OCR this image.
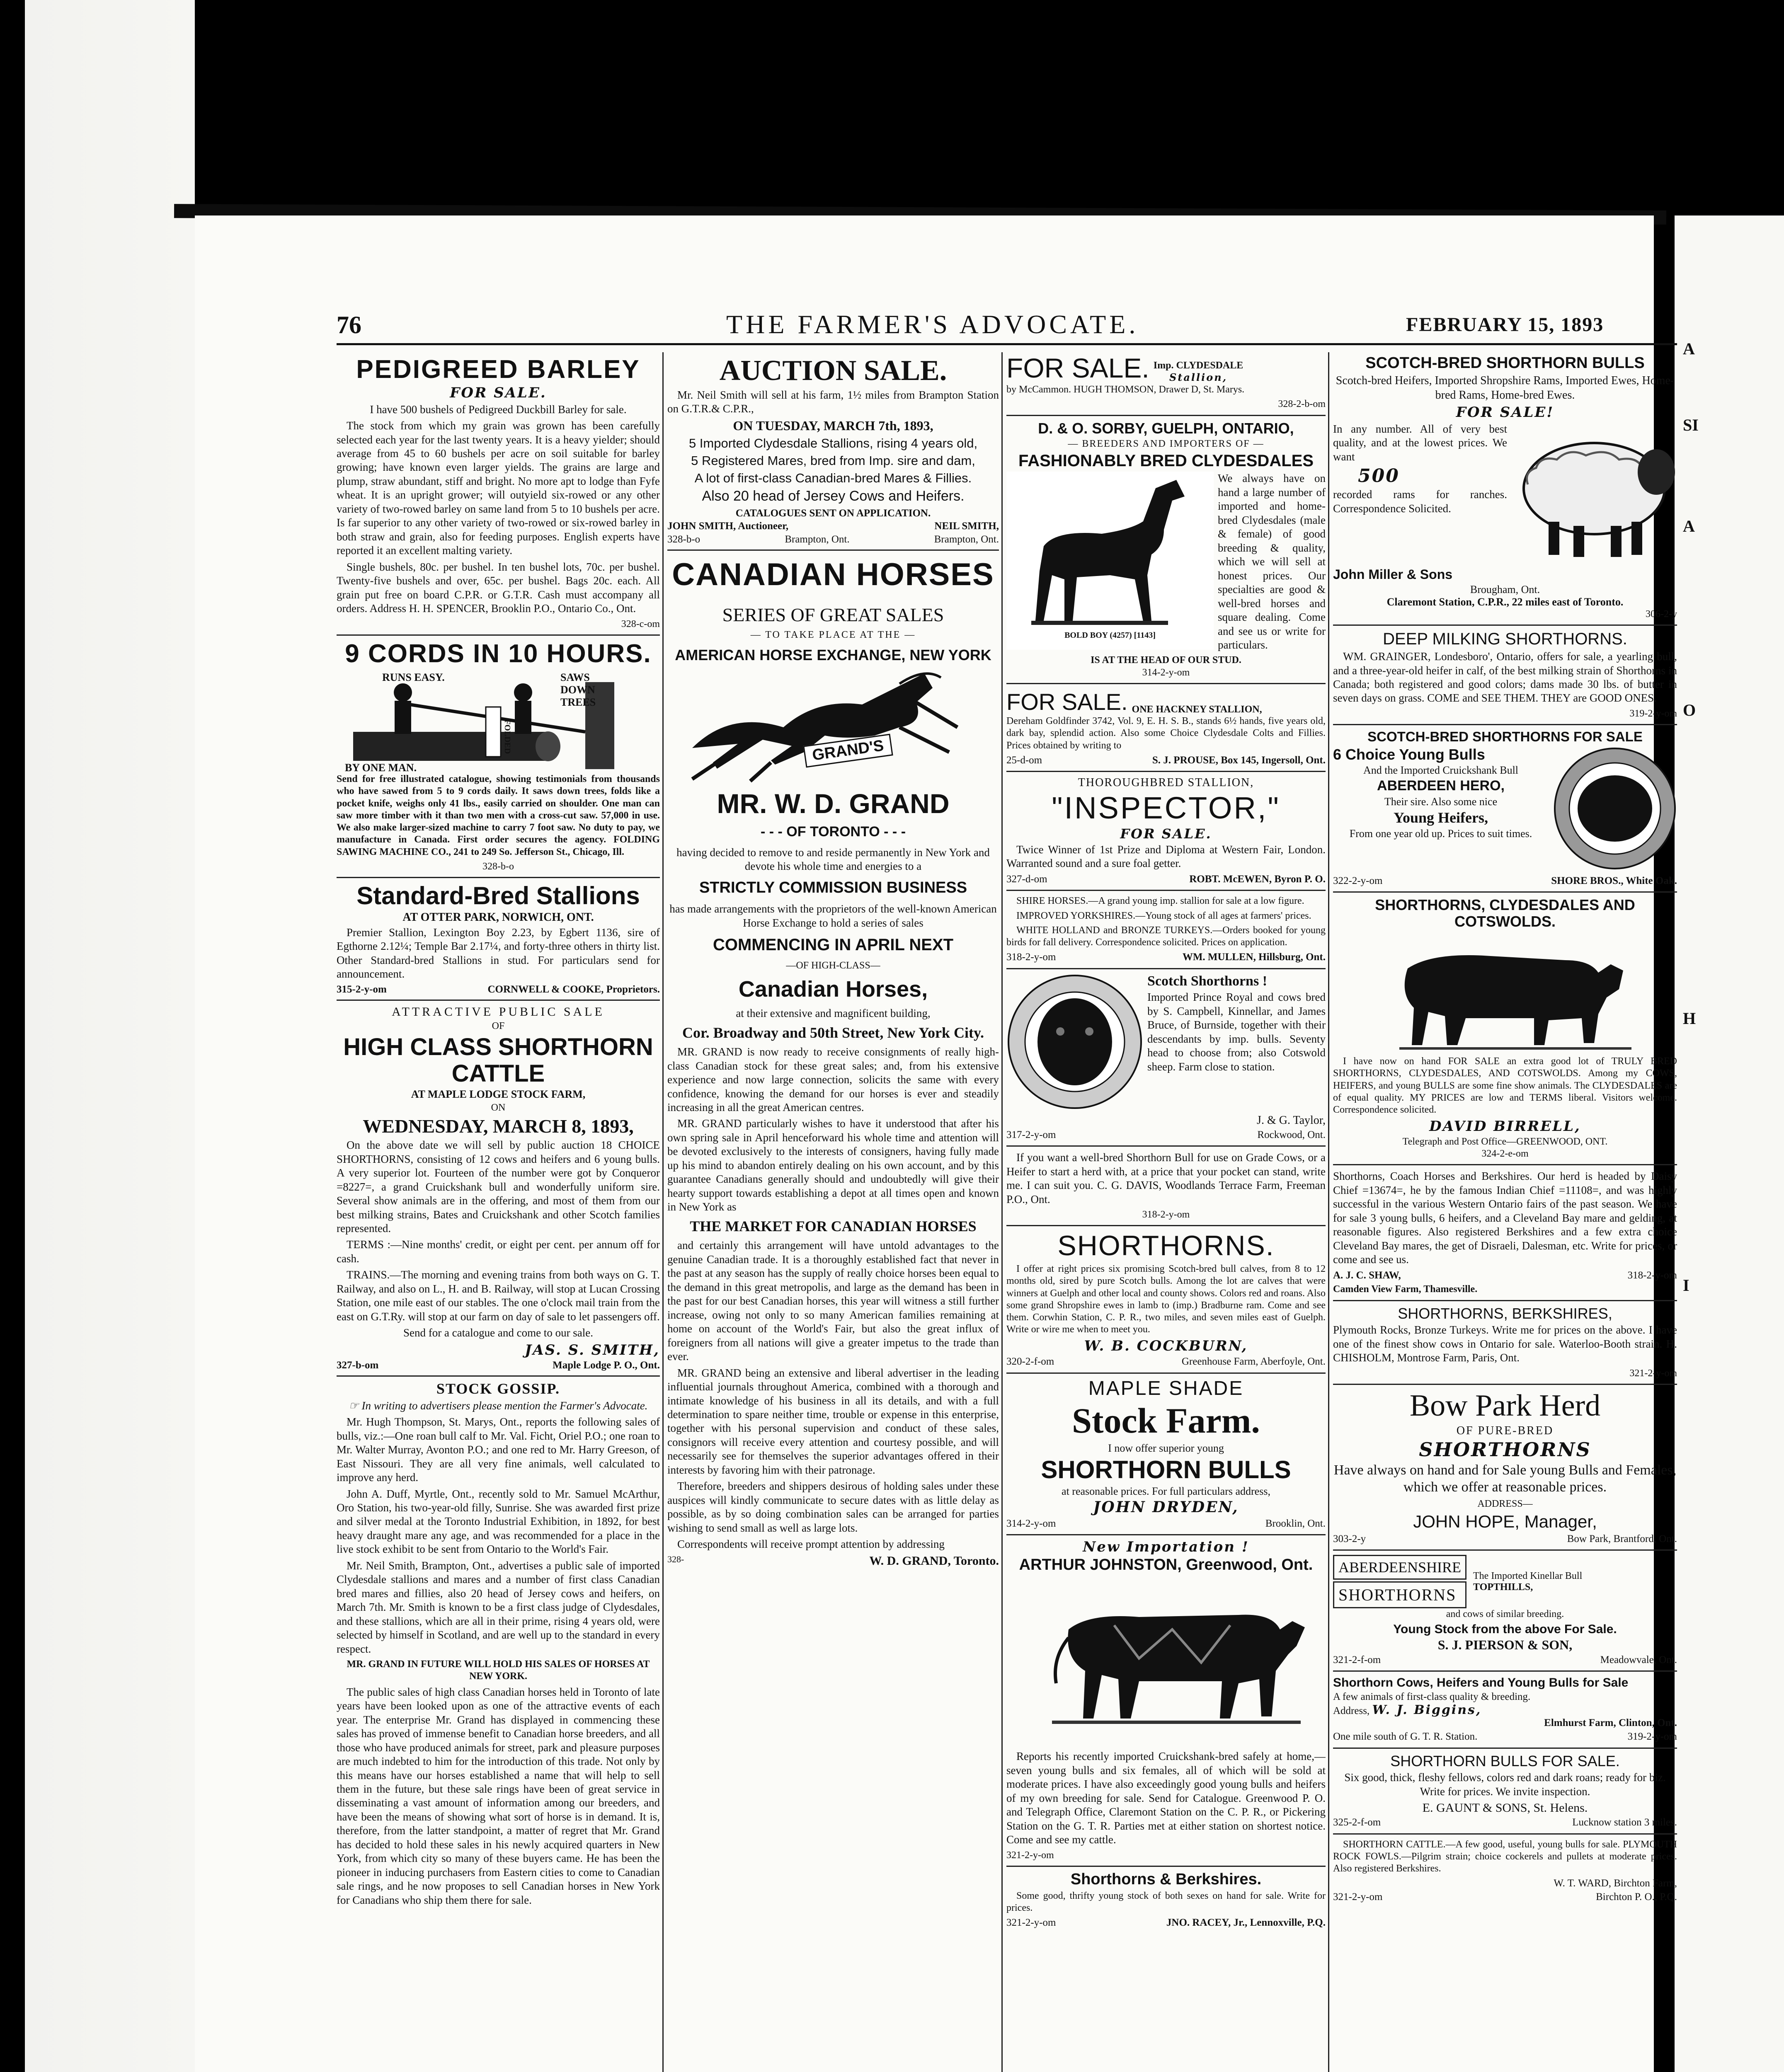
A
SI
A
O
H
I
76	THE FARMER'S ADVOCATE.	FEBRUARY 15, 1893
PEDIGREED BARLEY
FOR SALE.

I have 500 bushels of Pedigreed Duckbill Barley for sale.

The stock from which my grain was grown has been carefully selected each year for the last twenty years. It is a heavy yielder; should average from 45 to 60 bushels per acre on soil suitable for barley growing; have known even larger yields. The grains are large and plump, straw abundant, stiff and bright. No more apt to lodge than Fyfe wheat. It is an upright grower; will outyield six-rowed or any other variety of two-rowed barley on same land from 5 to 10 bushels per acre. Is far superior to any other variety of two-rowed or six-rowed barley in both straw and grain, also for feeding purposes. English experts have reported it an excellent malting variety.

Single bushels, 80c. per bushel. In ten bushel lots, 70c. per bushel. Twenty-five bushels and over, 65c. per bushel. Bags 20c. each. All grain put free on board C.P.R. or G.T.R. Cash must accompany all orders. Address H. H. SPENCER, Brooklin P.O., Ontario Co., Ont.

328-c-om
9 CORDS IN 10 HOURS.
RUNS EASY.	SAWS DOWN TREES
FOLDED
BY ONE MAN.

Send for free illustrated catalogue, showing testimonials from thousands who have sawed from 5 to 9 cords daily. It saws down trees, folds like a pocket knife, weighs only 41 lbs., easily carried on shoulder. One man can saw more timber with it than two men with a cross-cut saw. 57,000 in use. We also make larger-sized machine to carry 7 foot saw. No duty to pay, we manufacture in Canada. First order secures the agency. FOLDING SAWING MACHINE CO., 241 to 249 So. Jefferson St., Chicago, Ill.

328-b-o
Standard-Bred Stallions
AT OTTER PARK, NORWICH, ONT.

Premier Stallion, Lexington Boy 2.23, by Egbert 1136, sire of Egthorne 2.12¼; Temple Bar 2.17¼, and forty-three others in thirty list. Other Standard-bred Stallions in stud. For particulars send for announcement.

315-2-y-om	CORNWELL & COOKE, Proprietors.
ATTRACTIVE PUBLIC SALE
OF
HIGH CLASS SHORTHORN CATTLE
AT MAPLE LODGE STOCK FARM,
ON
WEDNESDAY, MARCH 8, 1893,

On the above date we will sell by public auction 18 CHOICE SHORTHORNS, consisting of 12 cows and heifers and 6 young bulls. A very superior lot. Fourteen of the number were got by Conqueror =8227=, a grand Cruickshank bull and wonderfully uniform sire. Several show animals are in the offering, and most of them from our best milking strains, Bates and Cruickshank and other Scotch families represented.

TERMS :—Nine months' credit, or eight per cent. per annum off for cash.

TRAINS.—The morning and evening trains from both ways on G. T. Railway, and also on L., H. and B. Railway, will stop at Lucan Crossing Station, one mile east of our stables. The one o'clock mail train from the east on G.T.Ry. will stop at our farm on day of sale to let passengers off.

Send for a catalogue and come to our sale.

JAS. S. SMITH,
327-b-om	Maple Lodge P. O., Ont.
STOCK GOSSIP.

☞ In writing to advertisers please mention the Farmer's Advocate.

Mr. Hugh Thompson, St. Marys, Ont., reports the following sales of bulls, viz.:—One roan bull calf to Mr. Val. Ficht, Oriel P.O.; one roan to Mr. Walter Murray, Avonton P.O.; and one red to Mr. Harry Greeson, of East Nissouri. They are all very fine animals, well calculated to improve any herd.

John A. Duff, Myrtle, Ont., recently sold to Mr. Samuel McArthur, Oro Station, his two-year-old filly, Sunrise. She was awarded first prize and silver medal at the Toronto Industrial Exhibition, in 1892, for best heavy draught mare any age, and was recommended for a place in the live stock exhibit to be sent from Ontario to the World's Fair.

Mr. Neil Smith, Brampton, Ont., advertises a public sale of imported Clydesdale stallions and mares and a number of first class Canadian bred mares and fillies, also 20 head of Jersey cows and heifers, on March 7th. Mr. Smith is known to be a first class judge of Clydesdales, and these stallions, which are all in their prime, rising 4 years old, were selected by himself in Scotland, and are well up to the standard in every respect.

MR. GRAND IN FUTURE WILL HOLD HIS SALES OF HORSES AT NEW YORK.

The public sales of high class Canadian horses held in Toronto of late years have been looked upon as one of the attractive events of each year. The enterprise Mr. Grand has displayed in commencing these sales has proved of immense benefit to Canadian horse breeders, and all those who have produced animals for street, park and pleasure purposes are much indebted to him for the introduction of this trade. Not only by this means have our horses established a name that will help to sell them in the future, but these sale rings have been of great service in disseminating a vast amount of information among our breeders, and have been the means of showing what sort of horse is in demand. It is, therefore, from the latter standpoint, a matter of regret that Mr. Grand has decided to hold these sales in his newly acquired quarters in New York, from which city so many of these buyers came. He has been the pioneer in inducing purchasers from Eastern cities to come to Canadian sale rings, and he now proposes to sell Canadian horses in New York for Canadians who ship them there for sale.

AUCTION SALE.

Mr. Neil Smith will sell at his farm, 1½ miles from Brampton Station on G.T.R.& C.P.R.,

ON TUESDAY, MARCH 7th, 1893,
5 Imported Clydesdale Stallions, rising 4 years old,
5 Registered Mares, bred from Imp. sire and dam,
A lot of first-class Canadian-bred Mares & Fillies.
Also 20 head of Jersey Cows and Heifers.
CATALOGUES SENT ON APPLICATION.
JOHN SMITH, Auctioneer,	NEIL SMITH,
328-b-o	Brampton, Ont.	Brampton, Ont.
CANADIAN HORSES
SERIES OF GREAT SALES
— TO TAKE PLACE AT THE —
AMERICAN HORSE EXCHANGE, NEW YORK
GRAND'S
MR. W. D. GRAND
- - - OF TORONTO - - -

having decided to remove to and reside permanently in New York and devote his whole time and energies to a

STRICTLY COMMISSION BUSINESS

has made arrangements with the proprietors of the well-known American Horse Exchange to hold a series of sales

COMMENCING IN APRIL NEXT
—OF HIGH-CLASS—
Canadian Horses,

at their extensive and magnificent building,

Cor. Broadway and 50th Street, New York City.

MR. GRAND is now ready to receive consignments of really high-class Canadian stock for these great sales; and, from his extensive experience and now large connection, solicits the same with every confidence, knowing the demand for our horses is ever and steadily increasing in all the great American centres.

MR. GRAND particularly wishes to have it understood that after his own spring sale in April henceforward his whole time and attention will be devoted exclusively to the interests of consigners, having fully made up his mind to abandon entirely dealing on his own account, and by this guarantee Canadians generally should and undoubtedly will give their hearty support towards establishing a depot at all times open and known in New York as

THE MARKET FOR CANADIAN HORSES

and certainly this arrangement will have untold advantages to the genuine Canadian trade. It is a thoroughly established fact that never in the past at any season has the supply of really choice horses been equal to the demand in this great metropolis, and large as the demand has been in the past for our best Canadian horses, this year will witness a still further increase, owing not only to so many American families remaining at home on account of the World's Fair, but also the great influx of foreigners from all nations will give a greater impetus to the trade than ever.

MR. GRAND being an extensive and liberal advertiser in the leading influential journals throughout America, combined with a thorough and intimate knowledge of his business in all its details, and with a full determination to spare neither time, trouble or expense in this enterprise, together with his personal supervision and conduct of these sales, consignors will receive every attention and courtesy possible, and will necessarily see for themselves the superior advantages offered in their interests by favoring him with their patronage.

Therefore, breeders and shippers desirous of holding sales under these auspices will kindly communicate to secure dates with as little delay as possible, as by so doing combination sales can be arranged for parties wishing to send small as well as large lots.

Correspondents will receive prompt attention by addressing

328-	W. D. GRAND, Toronto.
FOR SALE. Imp. CLYDESDALE
Stallion,

by McCammon. HUGH THOMSON, Drawer D, St. Marys.

328-2-b-om
D. & O. SORBY, GUELPH, ONTARIO,
— BREEDERS AND IMPORTERS OF —
FASHIONABLY BRED CLYDESDALES
BOLD BOY (4257) [1143]

We always have on hand a large number of imported and home-bred Clydesdales (male & female) of good breeding & quality, which we will sell at honest prices. Our specialties are good & well-bred horses and square dealing. Come and see us or write for particulars.

IS AT THE HEAD OF OUR STUD.
314-2-y-om
FOR SALE. ONE HACKNEY STALLION,

Dereham Goldfinder 3742, Vol. 9, E. H. S. B., stands 6½ hands, five years old, dark bay, splendid action. Also some Choice Clydesdale Colts and Fillies. Prices obtained by writing to

25-d-om	S. J. PROUSE, Box 145, Ingersoll, Ont.
THOROUGHBRED STALLION,
"INSPECTOR,"
FOR SALE.

Twice Winner of 1st Prize and Diploma at Western Fair, London. Warranted sound and a sure foal getter.

327-d-om	ROBT. McEWEN, Byron P. O.

SHIRE HORSES.—A grand young imp. stallion for sale at a low figure.

IMPROVED YORKSHIRES.—Young stock of all ages at farmers' prices.

WHITE HOLLAND and BRONZE TURKEYS.—Orders booked for young birds for fall delivery. Correspondence solicited. Prices on application.

318-2-y-om	WM. MULLEN, Hillsburg, Ont.
Scotch Shorthorns !

Imported Prince Royal and cows bred by S. Campbell, Kinnellar, and James Bruce, of Burnside, together with their descendants by imp. bulls. Seventy head to choose from; also Cotswold sheep. Farm close to station.

J. & G. Taylor,
317-2-y-om	Rockwood, Ont.

If you want a well-bred Shorthorn Bull for use on Grade Cows, or a Heifer to start a herd with, at a price that your pocket can stand, write me. I can suit you. C. G. DAVIS, Woodlands Terrace Farm, Freeman P.O., Ont.

318-2-y-om
SHORTHORNS.

I offer at right prices six promising Scotch-bred bull calves, from 8 to 12 months old, sired by pure Scotch bulls. Among the lot are calves that were winners at Guelph and other local and county shows. Colors red and roans. Also some grand Shropshire ewes in lamb to (imp.) Bradburne ram. Come and see them. Corwhin Station, C. P. R., two miles, and seven miles east of Guelph. Write or wire me when to meet you.

W. B. COCKBURN,
320-2-f-om	Greenhouse Farm, Aberfoyle, Ont.
MAPLE SHADE
Stock Farm.
I now offer superior young
SHORTHORN BULLS
at reasonable prices. For full particulars address,
JOHN DRYDEN,
314-2-y-om	Brooklin, Ont.
New Importation !
ARTHUR JOHNSTON, Greenwood, Ont.

Reports his recently imported Cruickshank-bred safely at home,—seven young bulls and six females, all of which will be sold at moderate prices. I have also exceedingly good young bulls and heifers of my own breeding for sale. Send for Catalogue. Greenwood P. O. and Telegraph Office, Claremont Station on the C. P. R., or Pickering Station on the G. T. R. Parties met at either station on shortest notice. Come and see my cattle.

321-2-y-om
Shorthorns & Berkshires.

Some good, thrifty young stock of both sexes on hand for sale. Write for prices.

321-2-y-om	JNO. RACEY, Jr., Lennoxville, P.Q.
SCOTCH-BRED SHORTHORN BULLS

Scotch-bred Heifers, Imported Shropshire Rams, Imported Ewes, Home-bred Rams, Home-bred Ewes.

FOR SALE!

In any number. All of very best quality, and at the lowest prices. We want

500

recorded rams for ranches. Correspondence Solicited.

John Miller & Sons
Brougham, Ont.
Claremont Station, C.P.R., 22 miles east of Toronto.
306-2-y
DEEP MILKING SHORTHORNS.

WM. GRAINGER, Londesboro', Ontario, offers for sale, a yearling bull, and a three-year-old heifer in calf, of the best milking strain of Shorthorns in Canada; both registered and good colors; dams made 30 lbs. of butter in seven days on grass. COME and SEE THEM. THEY are GOOD ONES.

319-2-y-om
SCOTCH-BRED SHORTHORNS FOR SALE
6 Choice Young Bulls
And the Imported Cruickshank Bull
ABERDEEN HERO,
Their sire. Also some nice
Young Heifers,
From one year old up. Prices to suit times.
322-2-y-om	SHORE BROS., White Oak.
SHORTHORNS, CLYDESDALES AND COTSWOLDS.

I have now on hand FOR SALE an extra good lot of TRULY BRED SHORTHORNS, CLYDESDALES, AND COTSWOLDS. Among my COWS, HEIFERS, and young BULLS are some fine show animals. The CLYDESDALES are of equal quality. MY PRICES are low and TERMS liberal. Visitors welcome. Correspondence solicited.

DAVID BIRRELL,
Telegraph and Post Office—GREENWOOD, ONT.
324-2-e-om

Shorthorns, Coach Horses and Berkshires. Our herd is headed by Daisy Chief =13674=, he by the famous Indian Chief =11108=, and was highly successful in the various Western Ontario fairs of the past season. We have for sale 3 young bulls, 6 heifers, and a Cleveland Bay mare and gelding, at reasonable figures. Also registered Berkshires and a few extra choice Cleveland Bay mares, the get of Disraeli, Dalesman, etc. Write for prices, or come and see us.

A. J. C. SHAW,	318-2-y-om
Camden View Farm, Thamesville.
SHORTHORNS, BERKSHIRES,

Plymouth Rocks, Bronze Turkeys. Write me for prices on the above. I have one of the finest show cows in Ontario for sale. Waterloo-Booth strain. H. CHISHOLM, Montrose Farm, Paris, Ont.

321-2-y-om
Bow Park Herd
OF PURE-BRED
SHORTHORNS

Have always on hand and for Sale young Bulls and Females, which we offer at reasonable prices.

ADDRESS—
JOHN HOPE, Manager,
303-2-y	Bow Park, Brantford, Ont.
ABERDEENSHIRE
SHORTHORNS
The Imported Kinellar Bull
TOPTHILLS,
and cows of similar breeding.
Young Stock from the above For Sale.
S. J. PIERSON & SON,
321-2-f-om	Meadowvale, Ont.
Shorthorn Cows, Heifers and Young Bulls for Sale
A few animals of first-class quality & breeding.
Address, W. J. Biggins,
Elmhurst Farm, Clinton, Ont.
One mile south of G. T. R. Station.	319-2-y-om
SHORTHORN BULLS FOR SALE.

Six good, thick, fleshy fellows, colors red and dark roans; ready for biz. Write for prices. We invite inspection.

E. GAUNT & SONS, St. Helens.
325-2-f-om	Lucknow station 3 miles.

SHORTHORN CATTLE.—A few good, useful, young bulls for sale. PLYMOUTH ROCK FOWLS.—Pilgrim strain; choice cockerels and pullets at moderate prices. Also registered Berkshires.

W. T. WARD, Birchton Farm,
321-2-y-om	Birchton P. O., P.Q.
